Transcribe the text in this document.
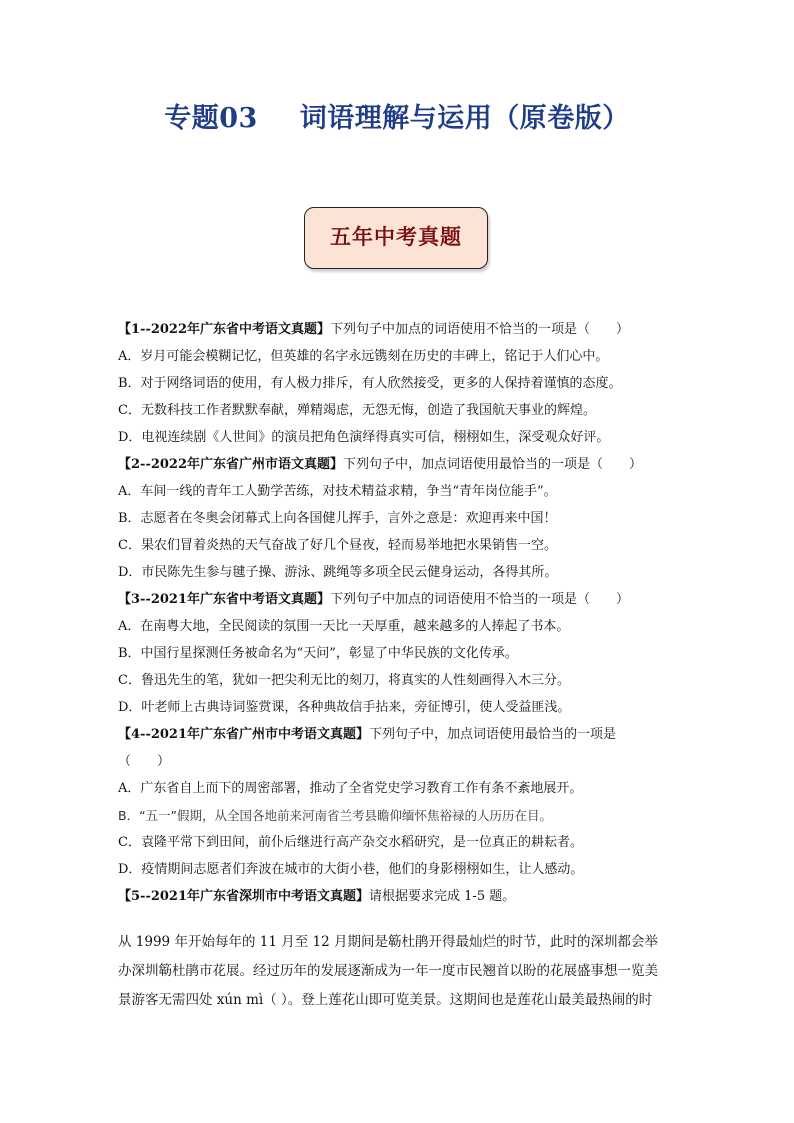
专题03 词语理解与运用（原卷版）
五年中考真题
【1--2022年广东省中考语文真题】下列句子中加点的词语使用不恰当的一项是（　　）
A．岁月可能会模糊记忆，但英雄的名字永远镌刻在历史的丰碑上，铭记于人们心中。
B．对于网络词语的使用，有人极力排斥，有人欣然接受，更多的人保持着谨慎的态度。
C．无数科技工作者默默奉献，殚精竭虑，无怨无悔，创造了我国航天事业的辉煌。
D．电视连续剧《人世间》的演员把角色演绎得真实可信，栩栩如生，深受观众好评。
【2--2022年广东省广州市语文真题】下列句子中，加点词语使用最恰当的一项是（　　）
A．车间一线的青年工人勤学苦练，对技术精益求精，争当“青年岗位能手”。
B．志愿者在冬奥会闭幕式上向各国健儿挥手，言外之意是：欢迎再来中国！
C．果农们冒着炎热的天气奋战了好几个昼夜，轻而易举地把水果销售一空。
D．市民陈先生参与毽子操、游泳、跳绳等多项全民云健身运动，各得其所。
【3--2021年广东省中考语文真题】下列句子中加点的词语使用不恰当的一项是（　　）
A．在南粤大地，全民阅读的氛围一天比一天厚重，越来越多的人捧起了书本。
B．中国行星探测任务被命名为“天问”，彰显了中华民族的文化传承。
C．鲁迅先生的笔，犹如一把尖利无比的刻刀，将真实的人性刻画得入木三分。
D．叶老师上古典诗词鉴赏课，各种典故信手拈来，旁征博引，使人受益匪浅。
【4--2021年广东省广州市中考语文真题】下列句子中，加点词语使用最恰当的一项是
（　　）
A．广东省自上而下的周密部署，推动了全省党史学习教育工作有条不紊地展开。
B．“五一”假期，从全国各地前来河南省兰考县瞻仰缅怀焦裕禄的人历历在目。
C．袁隆平常下到田间，前仆后继进行高产杂交水稻研究，是一位真正的耕耘者。
D．疫情期间志愿者们奔波在城市的大街小巷，他们的身影栩栩如生，让人感动。
【5--2021年广东省深圳市中考语文真题】请根据要求完成 1-5 题。
从 1999 年开始每年的 11 月至 12 月期间是簕杜鹃开得最灿烂的时节，此时的深圳都会举
办深圳簕杜鹃市花展。经过历年的发展逐渐成为一年一度市民翘首以盼的花展盛事想一览美
景游客无需四处 xún mì（ ）。登上莲花山即可览美景。这期间也是莲花山最美最热闹的时
